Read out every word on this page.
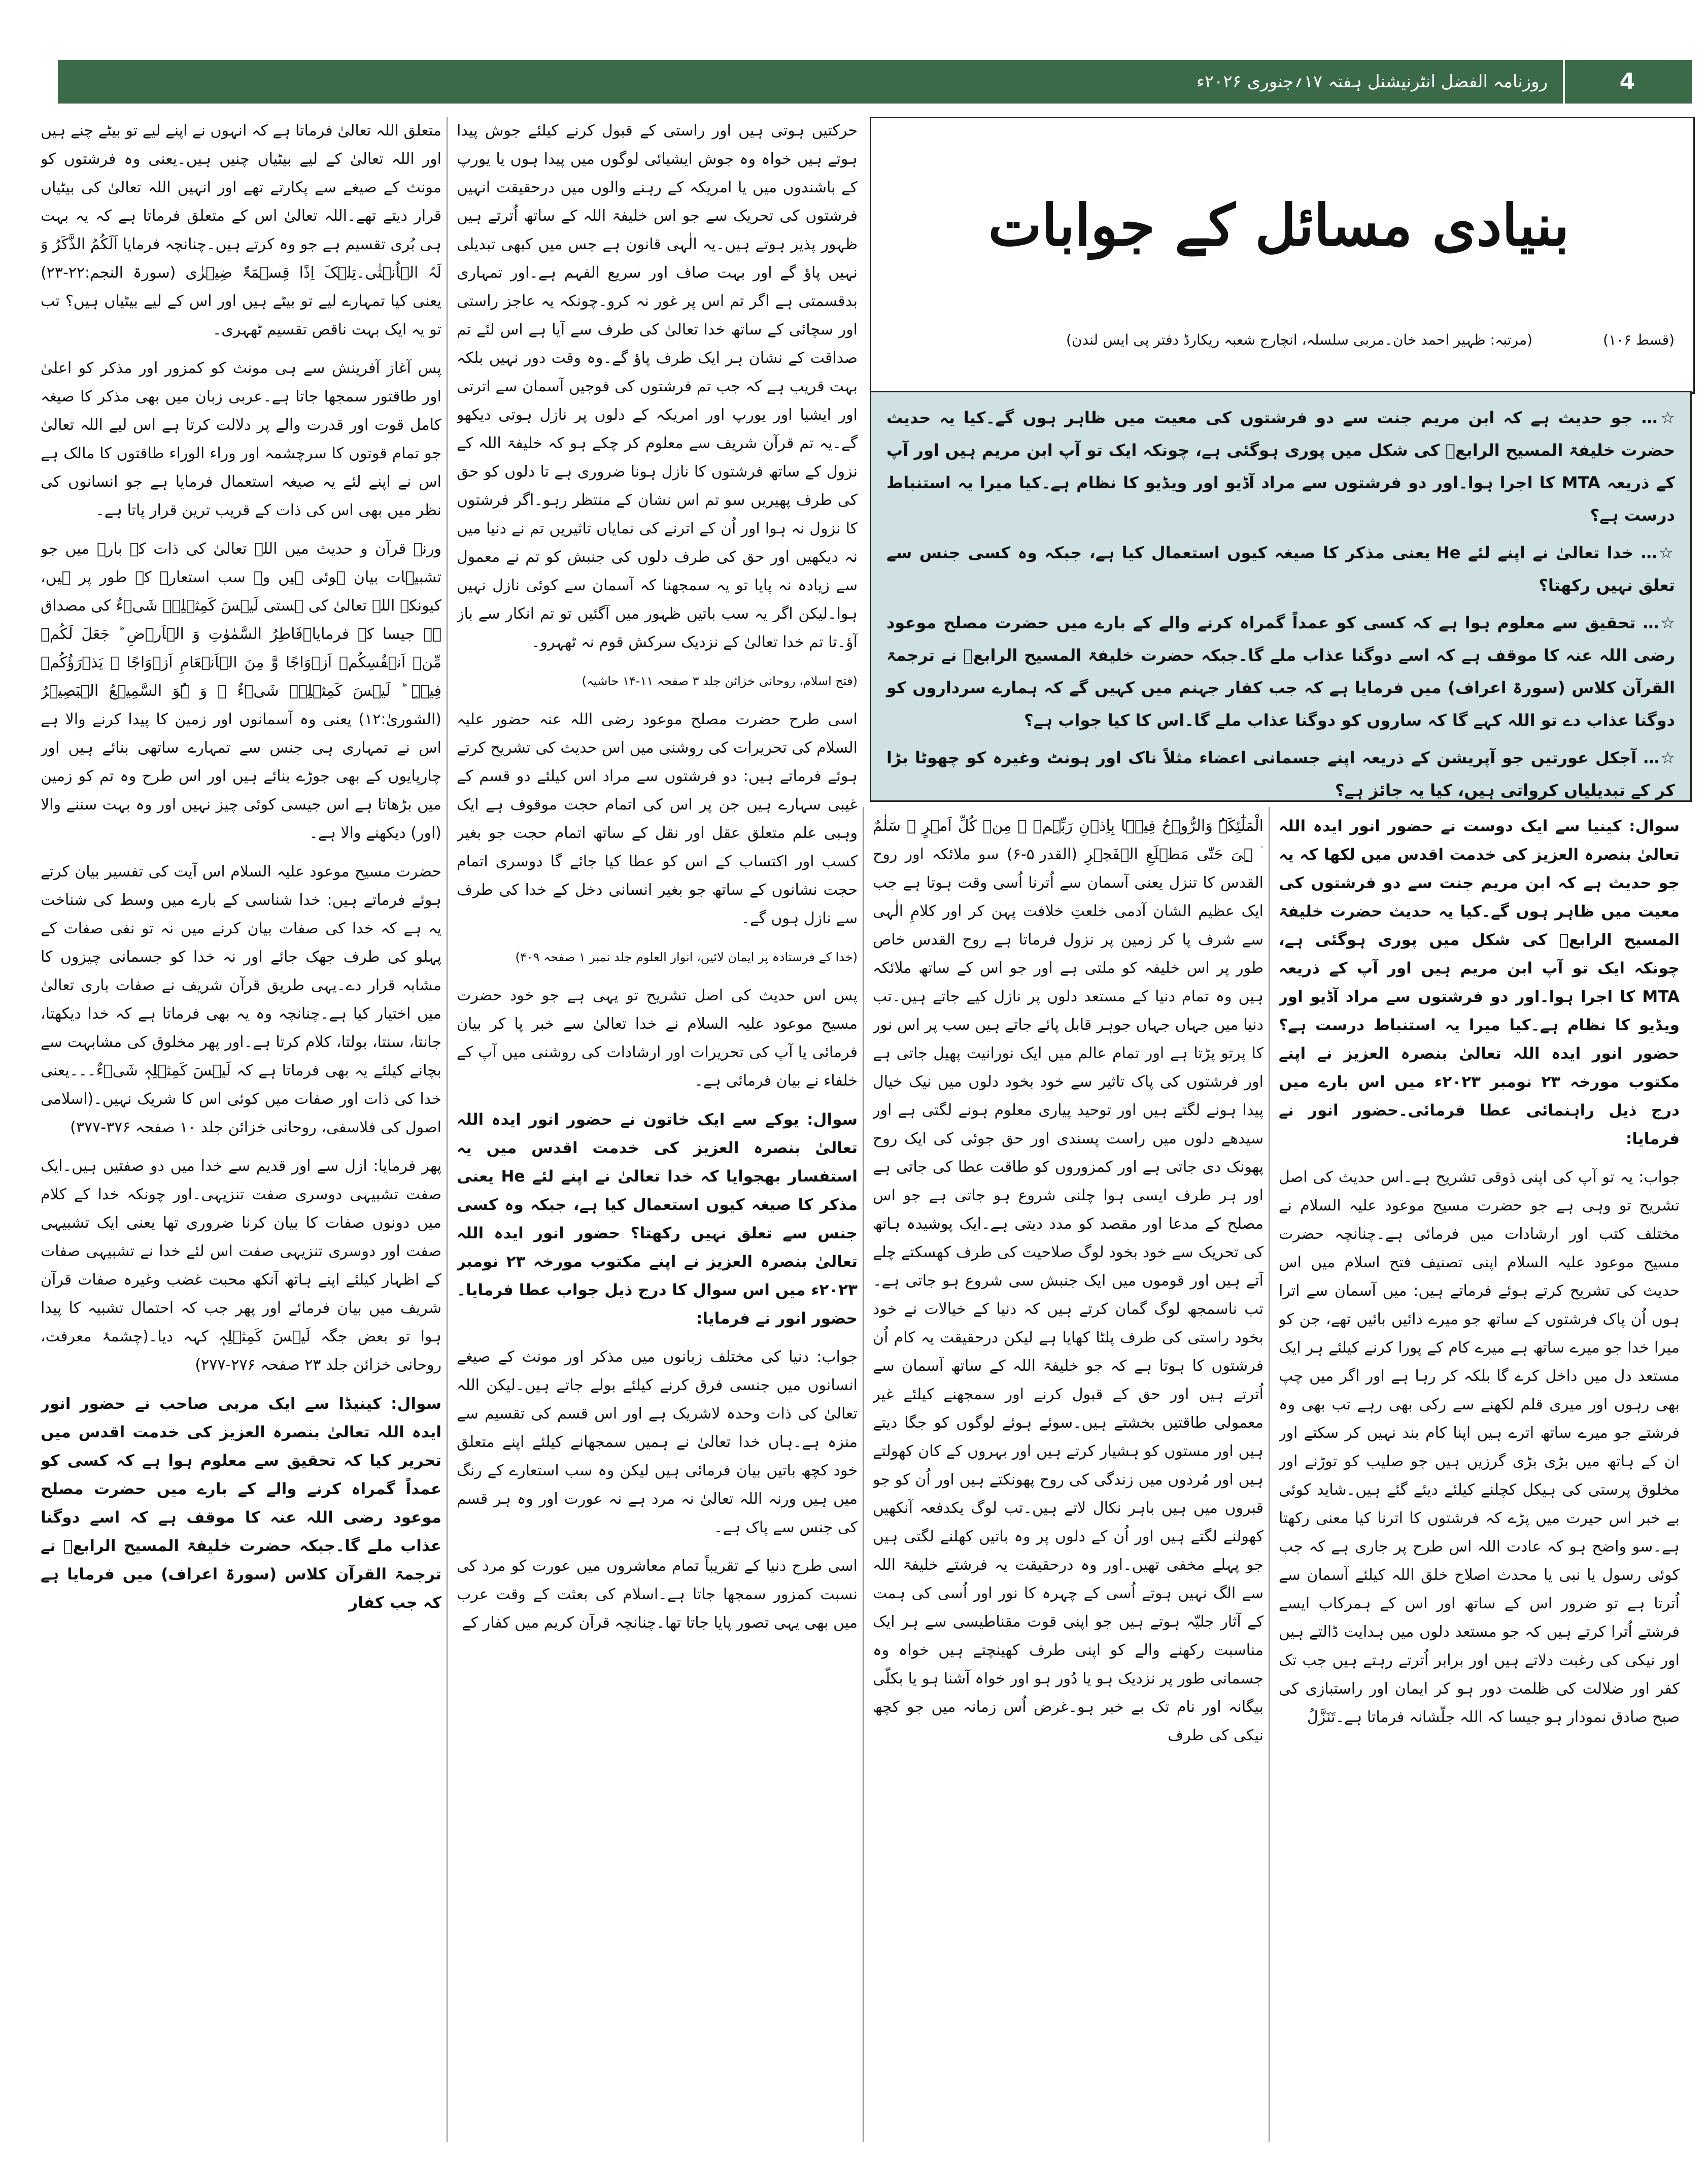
4
روزنامہ الفضل انٹرنیشنل ہفتہ ۱۷؍جنوری ۲۰۲۶ء
بنیادی مسائل کے جوابات
(قسط ۱۰۶)
(مرتبہ: ظہیر احمد خان۔مربی سلسلہ، انچارج شعبہ ریکارڈ دفتر پی ایس لندن)

☆… جو حدیث ہے کہ ابن مریم جنت سے دو فرشتوں کی معیت میں ظاہر ہوں گے۔کیا یہ حدیث حضرت خلیفۃ المسیح الرابعؒ کی شکل میں پوری ہوگئی ہے، چونکہ ایک تو آپ ابن مریم ہیں اور آپ کے ذریعہ MTA کا اجرا ہوا۔اور دو فرشتوں سے مراد آڈیو اور ویڈیو کا نظام ہے۔کیا میرا یہ استنباط درست ہے؟

☆… خدا تعالیٰ نے اپنے لئے He یعنی مذکر کا صیغہ کیوں استعمال کیا ہے، جبکہ وہ کسی جنس سے تعلق نہیں رکھتا؟

☆… تحقیق سے معلوم ہوا ہے کہ کسی کو عمداً گمراہ کرنے والے کے بارے میں حضرت مصلح موعود رضی اللہ عنہ کا موقف ہے کہ اسے دوگنا عذاب ملے گا۔جبکہ حضرت خلیفۃ المسیح الرابعؒ نے ترجمۃ القرآن کلاس (سورۃ اعراف) میں فرمایا ہے کہ جب کفار جہنم میں کہیں گے کہ ہمارے سرداروں کو دوگنا عذاب دے تو اللہ کہے گا کہ ساروں کو دوگنا عذاب ملے گا۔اس کا کیا جواب ہے؟

☆… آجکل عورتیں جو آپریشن کے ذریعہ اپنے جسمانی اعضاء مثلاً ناک اور ہونٹ وغیرہ کو چھوٹا بڑا کر کے تبدیلیاں کرواتی ہیں، کیا یہ جائز ہے؟

سوال: کینیا سے ایک دوست نے حضور انور ایدہ اللہ تعالیٰ بنصرہ العزیز کی خدمت اقدس میں لکھا کہ یہ جو حدیث ہے کہ ابن مریم جنت سے دو فرشتوں کی معیت میں ظاہر ہوں گے۔کیا یہ حدیث حضرت خلیفۃ المسیح الرابعؒ کی شکل میں پوری ہوگئی ہے، چونکہ ایک تو آپ ابن مریم ہیں اور آپ کے ذریعہ MTA کا اجرا ہوا۔اور دو فرشتوں سے مراد آڈیو اور ویڈیو کا نظام ہے۔کیا میرا یہ استنباط درست ہے؟ حضور انور ایدہ اللہ تعالیٰ بنصرہ العزیز نے اپنے مکتوب مورخہ ۲۳ نومبر ۲۰۲۳ء میں اس بارے میں درج ذیل راہنمائی عطا فرمائی۔حضور انور نے فرمایا:

جواب: یہ تو آپ کی اپنی ذوقی تشریح ہے۔اس حدیث کی اصل تشریح تو وہی ہے جو حضرت مسیح موعود علیہ السلام نے مختلف کتب اور ارشادات میں فرمائی ہے۔چنانچہ حضرت مسیح موعود علیہ السلام اپنی تصنیف فتح اسلام میں اس حدیث کی تشریح کرتے ہوئے فرماتے ہیں: میں آسمان سے اترا ہوں اُن پاک فرشتوں کے ساتھ جو میرے دائیں بائیں تھے، جن کو میرا خدا جو میرے ساتھ ہے میرے کام کے پورا کرنے کیلئے ہر ایک مستعد دل میں داخل کرے گا بلکہ کر رہا ہے اور اگر میں چپ بھی رہوں اور میری قلم لکھنے سے رکی بھی رہے تب بھی وہ فرشتے جو میرے ساتھ اترے ہیں اپنا کام بند نہیں کر سکتے اور ان کے ہاتھ میں بڑی بڑی گرزیں ہیں جو صلیب کو توڑنے اور مخلوق پرستی کی ہیکل کچلنے کیلئے دیئے گئے ہیں۔شاید کوئی بے خبر اس حیرت میں پڑے کہ فرشتوں کا اترنا کیا معنی رکھتا ہے۔سو واضح ہو کہ عادت اللہ اس طرح پر جاری ہے کہ جب کوئی رسول یا نبی یا محدث اصلاح خلق اللہ کیلئے آسمان سے اُترتا ہے تو ضرور اس کے ساتھ اور اس کے ہمرکاب ایسے فرشتے اُترا کرتے ہیں کہ جو مستعد دلوں میں ہدایت ڈالتے ہیں اور نیکی کی رغبت دلاتے ہیں اور برابر اُترتے رہتے ہیں جب تک کفر اور ضلالت کی ظلمت دور ہو کر ایمان اور راستبازی کی صبح صادق نمودار ہو جیسا کہ اللہ جلّشانہ فرماتا ہے۔تَنَزَّلُ

الْمَلٰٓئِکَۃُ وَالرُّوۡحُ فِیۡہَا بِاِذۡنِ رَبِّہِمۡ ۚ مِنۡ کُلِّ اَمۡرٍ ۛ سَلٰمٌ ۛ ہِیَ حَتّٰی مَطۡلَعِ الۡفَجۡرِ (القدر ۵-۶) سو ملائکہ اور روح القدس کا تنزل یعنی آسمان سے اُترنا اُسی وقت ہوتا ہے جب ایک عظیم الشان آدمی خلعتِ خلافت پہن کر اور کلامِ الٰہی سے شرف پا کر زمین پر نزول فرماتا ہے روح القدس خاص طور پر اس خلیفہ کو ملتی ہے اور جو اس کے ساتھ ملائکہ ہیں وہ تمام دنیا کے مستعد دلوں پر نازل کیے جاتے ہیں۔تب دنیا میں جہاں جہاں جوہر قابل پائے جاتے ہیں سب پر اس نور کا پرتو پڑتا ہے اور تمام عالم میں ایک نورانیت پھیل جاتی ہے اور فرشتوں کی پاک تاثیر سے خود بخود دلوں میں نیک خیال پیدا ہونے لگتے ہیں اور توحید پیاری معلوم ہونے لگتی ہے اور سیدھے دلوں میں راست پسندی اور حق جوئی کی ایک روح پھونک دی جاتی ہے اور کمزوروں کو طاقت عطا کی جاتی ہے اور ہر طرف ایسی ہوا چلنی شروع ہو جاتی ہے جو اس مصلح کے مدعا اور مقصد کو مدد دیتی ہے۔ایک پوشیدہ ہاتھ کی تحریک سے خود بخود لوگ صلاحیت کی طرف کھسکتے چلے آتے ہیں اور قوموں میں ایک جنبش سی شروع ہو جاتی ہے۔تب ناسمجھ لوگ گمان کرتے ہیں کہ دنیا کے خیالات نے خود بخود راستی کی طرف پلٹا کھایا ہے لیکن درحقیقت یہ کام اُن فرشتوں کا ہوتا ہے کہ جو خلیفۃ اللہ کے ساتھ آسمان سے اُترتے ہیں اور حق کے قبول کرنے اور سمجھنے کیلئے غیر معمولی طاقتیں بخشتے ہیں۔سوئے ہوئے لوگوں کو جگا دیتے ہیں اور مستوں کو ہشیار کرتے ہیں اور بہروں کے کان کھولتے ہیں اور مُردوں میں زندگی کی روح پھونکتے ہیں اور اُن کو جو قبروں میں ہیں باہر نکال لاتے ہیں۔تب لوگ یکدفعہ آنکھیں کھولنے لگتے ہیں اور اُن کے دلوں پر وہ باتیں کھلنے لگتی ہیں جو پہلے مخفی تھیں۔اور وہ درحقیقت یہ فرشتے خلیفۃ اللہ سے الگ نہیں ہوتے اُسی کے چہرہ کا نور اور اُسی کی ہمت کے آثار جلیّہ ہوتے ہیں جو اپنی قوت مقناطیسی سے ہر ایک مناسبت رکھنے والے کو اپنی طرف کھینچتے ہیں خواہ وہ جسمانی طور پر نزدیک ہو یا دُور ہو اور خواہ آشنا ہو یا بکلّی بیگانہ اور نام تک بے خبر ہو۔غرض اُس زمانہ میں جو کچھ نیکی کی طرف

حرکتیں ہوتی ہیں اور راستی کے قبول کرنے کیلئے جوش پیدا ہوتے ہیں خواہ وہ جوش ایشیائی لوگوں میں پیدا ہوں یا یورپ کے باشندوں میں یا امریکہ کے رہنے والوں میں درحقیقت انہیں فرشتوں کی تحریک سے جو اس خلیفۃ اللہ کے ساتھ اُترتے ہیں ظہور پذیر ہوتے ہیں۔یہ الٰہی قانون ہے جس میں کبھی تبدیلی نہیں پاؤ گے اور بہت صاف اور سریع الفہم ہے۔اور تمہاری بدقسمتی ہے اگر تم اس پر غور نہ کرو۔چونکہ یہ عاجز راستی اور سچائی کے ساتھ خدا تعالیٰ کی طرف سے آیا ہے اس لئے تم صداقت کے نشان ہر ایک طرف پاؤ گے۔وہ وقت دور نہیں بلکہ بہت قریب ہے کہ جب تم فرشتوں کی فوجیں آسمان سے اترتی اور ایشیا اور یورپ اور امریکہ کے دلوں پر نازل ہوتی دیکھو گے۔یہ تم قرآن شریف سے معلوم کر چکے ہو کہ خلیفۃ اللہ کے نزول کے ساتھ فرشتوں کا نازل ہونا ضروری ہے تا دلوں کو حق کی طرف پھیریں سو تم اس نشان کے منتظر رہو۔اگر فرشتوں کا نزول نہ ہوا اور اُن کے اترنے کی نمایاں تاثیریں تم نے دنیا میں نہ دیکھیں اور حق کی طرف دلوں کی جنبش کو تم نے معمول سے زیادہ نہ پایا تو یہ سمجھنا کہ آسمان سے کوئی نازل نہیں ہوا۔لیکن اگر یہ سب باتیں ظہور میں آگئیں تو تم انکار سے باز آؤ۔تا تم خدا تعالیٰ کے نزدیک سرکش قوم نہ ٹھہرو۔

(فتح اسلام، روحانی خزائن جلد ۳ صفحہ ۱۱-۱۴ حاشیہ)

اسی طرح حضرت مصلح موعود رضی اللہ عنہ حضور علیہ السلام کی تحریرات کی روشنی میں اس حدیث کی تشریح کرتے ہوئے فرماتے ہیں: دو فرشتوں سے مراد اس کیلئے دو قسم کے غیبی سہارے ہیں جن پر اس کی اتمام حجت موقوف ہے ایک وہبی علم متعلق عقل اور نقل کے ساتھ اتمام حجت جو بغیر کسب اور اکتساب کے اس کو عطا کیا جائے گا دوسری اتمام حجت نشانوں کے ساتھ جو بغیر انسانی دخل کے خدا کی طرف سے نازل ہوں گے۔

(خدا کے فرستادہ پر ایمان لائیں، انوار العلوم جلد نمبر ۱ صفحہ ۴۰۹)

پس اس حدیث کی اصل تشریح تو یہی ہے جو خود حضرت مسیح موعود علیہ السلام نے خدا تعالیٰ سے خبر پا کر بیان فرمائی یا آپ کی تحریرات اور ارشادات کی روشنی میں آپ کے خلفاء نے بیان فرمائی ہے۔

سوال: یوکے سے ایک خاتون نے حضور انور ایدہ اللہ تعالیٰ بنصرہ العزیز کی خدمت اقدس میں یہ استفسار بھجوایا کہ خدا تعالیٰ نے اپنے لئے He یعنی مذکر کا صیغہ کیوں استعمال کیا ہے، جبکہ وہ کسی جنس سے تعلق نہیں رکھتا؟ حضور انور ایدہ اللہ تعالیٰ بنصرہ العزیز نے اپنے مکتوب مورخہ ۲۳ نومبر ۲۰۲۳ء میں اس سوال کا درج ذیل جواب عطا فرمایا۔حضور انور نے فرمایا:

جواب: دنیا کی مختلف زبانوں میں مذکر اور مونث کے صیغے انسانوں میں جنسی فرق کرنے کیلئے بولے جاتے ہیں۔لیکن اللہ تعالیٰ کی ذات وحدہ لاشریک ہے اور اس قسم کی تقسیم سے منزہ ہے۔ہاں خدا تعالیٰ نے ہمیں سمجھانے کیلئے اپنے متعلق خود کچھ باتیں بیان فرمائی ہیں لیکن وہ سب استعارے کے رنگ میں ہیں ورنہ اللہ تعالیٰ نہ مرد ہے نہ عورت اور وہ ہر قسم کی جنس سے پاک ہے۔

اسی طرح دنیا کے تقریباً تمام معاشروں میں عورت کو مرد کی نسبت کمزور سمجھا جاتا ہے۔اسلام کی بعثت کے وقت عرب میں بھی یہی تصور پایا جاتا تھا۔چنانچہ قرآن کریم میں کفار کے

متعلق اللہ تعالیٰ فرماتا ہے کہ انہوں نے اپنے لیے تو بیٹے چنے ہیں اور اللہ تعالیٰ کے لیے بیٹیاں چنیں ہیں۔یعنی وہ فرشتوں کو مونث کے صیغے سے پکارتے تھے اور انہیں اللہ تعالیٰ کی بیٹیاں قرار دیتے تھے۔اللہ تعالیٰ اس کے متعلق فرماتا ہے کہ یہ بہت ہی بُری تقسیم ہے جو وہ کرتے ہیں۔چنانچہ فرمایا اَلَکُمُ الذَّکَرُ وَ لَہُ الۡاُنۡثٰی۔تِلۡکَ اِذًا قِسۡمَۃٌ ضِیۡزٰی (سورۃ النجم:۲۲-۲۳) یعنی کیا تمہارے لیے تو بیٹے ہیں اور اس کے لیے بیٹیاں ہیں؟ تب تو یہ ایک بہت ناقص تقسیم ٹھہری۔

پس آغاز آفرینش سے ہی مونث کو کمزور اور مذکر کو اعلیٰ اور طاقتور سمجھا جاتا ہے۔عربی زبان میں بھی مذکر کا صیغہ کامل قوت اور قدرت والے پر دلالت کرتا ہے اس لیے اللہ تعالیٰ جو تمام قوتوں کا سرچشمہ اور وراء الوراء طاقتوں کا مالک ہے اس نے اپنے لئے یہ صیغہ استعمال فرمایا ہے جو انسانوں کی نظر میں بھی اس کی ذات کے قریب ترین قرار پاتا ہے۔

ورنہ قرآن و حدیث میں اللہ تعالیٰ کی ذات کے بارے میں جو تشبیہات بیان ہوئی ہیں وہ سب استعارہ کے طور پر ہیں، کیونکہ اللہ تعالیٰ کی ہستی لَیۡسَ کَمِثۡلِہٖ شَیۡءٌ کی مصداق ہے جیسا کہ فرمایا۔فَاطِرُ السَّمٰوٰتِ وَ الۡاَرۡضِ ؕ جَعَلَ لَکُمۡ مِّنۡ اَنۡفُسِکُمۡ اَزۡوَاجًا وَّ مِنَ الۡاَنۡعَامِ اَزۡوَاجًا ۚ یَذۡرَؤُکُمۡ فِیۡہِ ؕ لَیۡسَ کَمِثۡلِہٖ شَیۡءٌ ۚ وَ ہُوَ السَّمِیۡعُ الۡبَصِیۡرُ (الشوریٰ:۱۲) یعنی وہ آسمانوں اور زمین کا پیدا کرنے والا ہے اس نے تمہاری ہی جنس سے تمہارے ساتھی بنائے ہیں اور چارپایوں کے بھی جوڑے بنائے ہیں اور اس طرح وہ تم کو زمین میں بڑھاتا ہے اس جیسی کوئی چیز نہیں اور وہ بہت سننے والا (اور) دیکھنے والا ہے۔

حضرت مسیح موعود علیہ السلام اس آیت کی تفسیر بیان کرتے ہوئے فرماتے ہیں: خدا شناسی کے بارے میں وسط کی شناخت یہ ہے کہ خدا کی صفات بیان کرنے میں نہ تو نفی صفات کے پہلو کی طرف جھک جائے اور نہ خدا کو جسمانی چیزوں کا مشابہ قرار دے۔یہی طریق قرآن شریف نے صفات باری تعالیٰ میں اختیار کیا ہے۔چنانچہ وہ یہ بھی فرماتا ہے کہ خدا دیکھتا، جانتا، سنتا، بولتا، کلام کرتا ہے۔اور پھر مخلوق کی مشابہت سے بچانے کیلئے یہ بھی فرماتا ہے کہ لَیۡسَ کَمِثۡلِہٖ شَیۡءٌ۔۔۔یعنی خدا کی ذات اور صفات میں کوئی اس کا شریک نہیں۔(اسلامی اصول کی فلاسفی، روحانی خزائن جلد ۱۰ صفحہ ۳۷۶-۳۷۷)

پھر فرمایا: ازل سے اور قدیم سے خدا میں دو صفتیں ہیں۔ایک صفت تشبیہی دوسری صفت تنزیہی۔اور چونکہ خدا کے کلام میں دونوں صفات کا بیان کرنا ضروری تھا یعنی ایک تشبیہی صفت اور دوسری تنزیہی صفت اس لئے خدا نے تشبیہی صفات کے اظہار کیلئے اپنے ہاتھ آنکھ محبت غضب وغیرہ صفات قرآن شریف میں بیان فرمائے اور پھر جب کہ احتمال تشبیہ کا پیدا ہوا تو بعض جگہ لَیۡسَ کَمِثۡلِہٖ کہہ دیا۔(چشمۂ معرفت، روحانی خزائن جلد ۲۳ صفحہ ۲۷۶-۲۷۷)

سوال: کینیڈا سے ایک مربی صاحب نے حضور انور ایدہ اللہ تعالیٰ بنصرہ العزیز کی خدمت اقدس میں تحریر کیا کہ تحقیق سے معلوم ہوا ہے کہ کسی کو عمداً گمراہ کرنے والے کے بارے میں حضرت مصلح موعود رضی اللہ عنہ کا موقف ہے کہ اسے دوگنا عذاب ملے گا۔جبکہ حضرت خلیفۃ المسیح الرابعؒ نے ترجمۃ القرآن کلاس (سورۃ اعراف) میں فرمایا ہے کہ جب کفار
